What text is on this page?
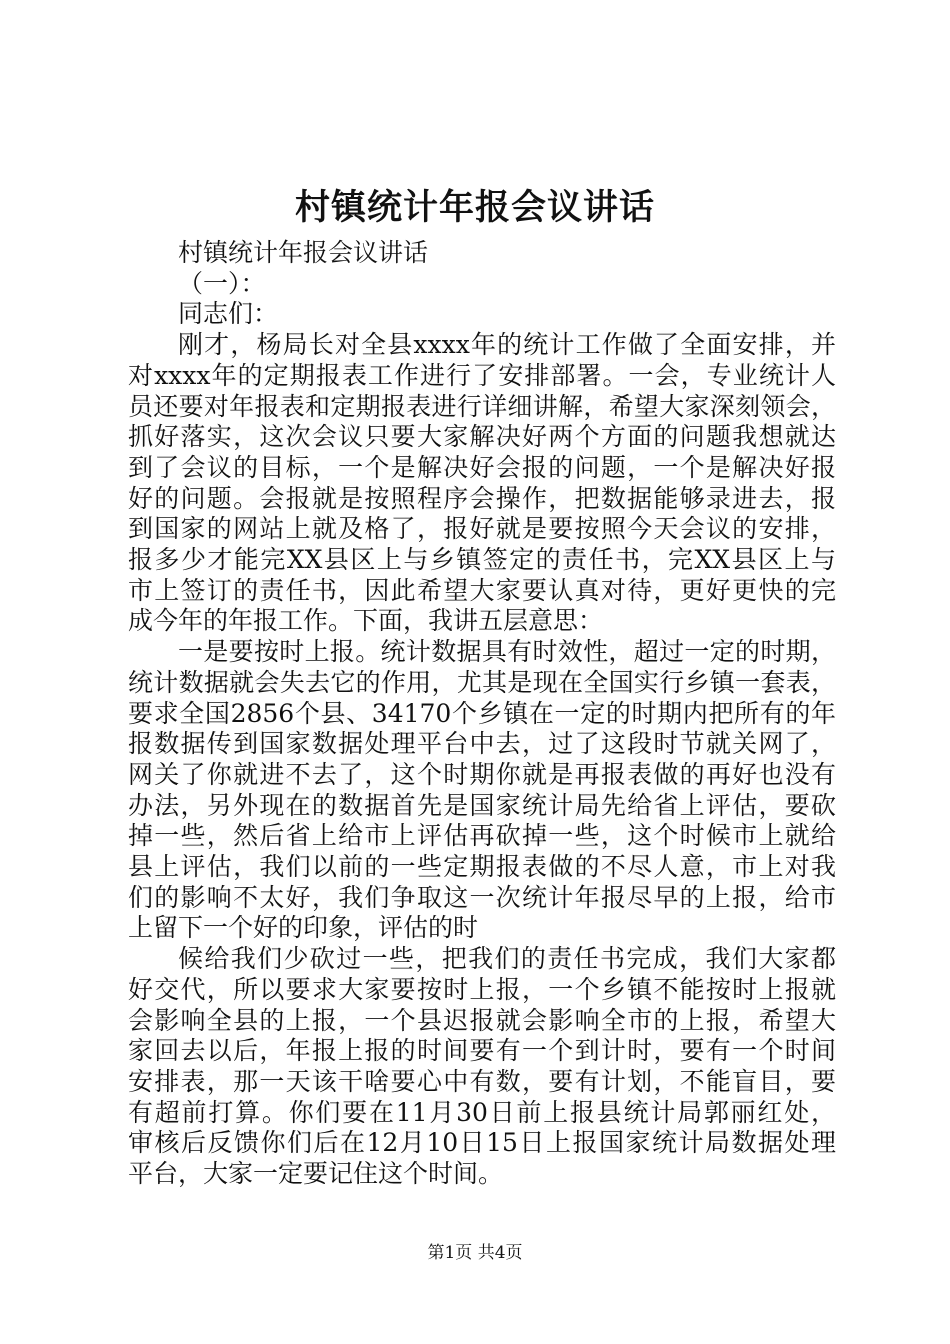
村镇统计年报会议讲话
村镇统计年报会议讲话
（一）：
同志们：
刚才，杨局长对全县xxxx年的统计工作做了全面安排，并
对xxxx年的定期报表工作进行了安排部署。一会，专业统计人
员还要对年报表和定期报表进行详细讲解，希望大家深刻领会，
抓好落实，这次会议只要大家解决好两个方面的问题我想就达
到了会议的目标，一个是解决好会报的问题，一个是解决好报
好的问题。会报就是按照程序会操作，把数据能够录进去，报
到国家的网站上就及格了，报好就是要按照今天会议的安排，
报多少才能完XX县区上与乡镇签定的责任书，完XX县区上与
市上签订的责任书，因此希望大家要认真对待，更好更快的完
成今年的年报工作。下面，我讲五层意思：
一是要按时上报。统计数据具有时效性，超过一定的时期，
统计数据就会失去它的作用，尤其是现在全国实行乡镇一套表，
要求全国2856个县、34170个乡镇在一定的时期内把所有的年
报数据传到国家数据处理平台中去，过了这段时节就关网了，
网关了你就进不去了，这个时期你就是再报表做的再好也没有
办法，另外现在的数据首先是国家统计局先给省上评估，要砍
掉一些，然后省上给市上评估再砍掉一些，这个时候市上就给
县上评估，我们以前的一些定期报表做的不尽人意，市上对我
们的影响不太好，我们争取这一次统计年报尽早的上报，给市
上留下一个好的印象，评估的时
候给我们少砍过一些，把我们的责任书完成，我们大家都
好交代，所以要求大家要按时上报，一个乡镇不能按时上报就
会影响全县的上报，一个县迟报就会影响全市的上报，希望大
家回去以后，年报上报的时间要有一个到计时，要有一个时间
安排表，那一天该干啥要心中有数，要有计划，不能盲目，要
有超前打算。你们要在11月30日前上报县统计局郭丽红处，
审核后反馈你们后在12月10日15日上报国家统计局数据处理
平台，大家一定要记住这个时间。
第1页 共4页
